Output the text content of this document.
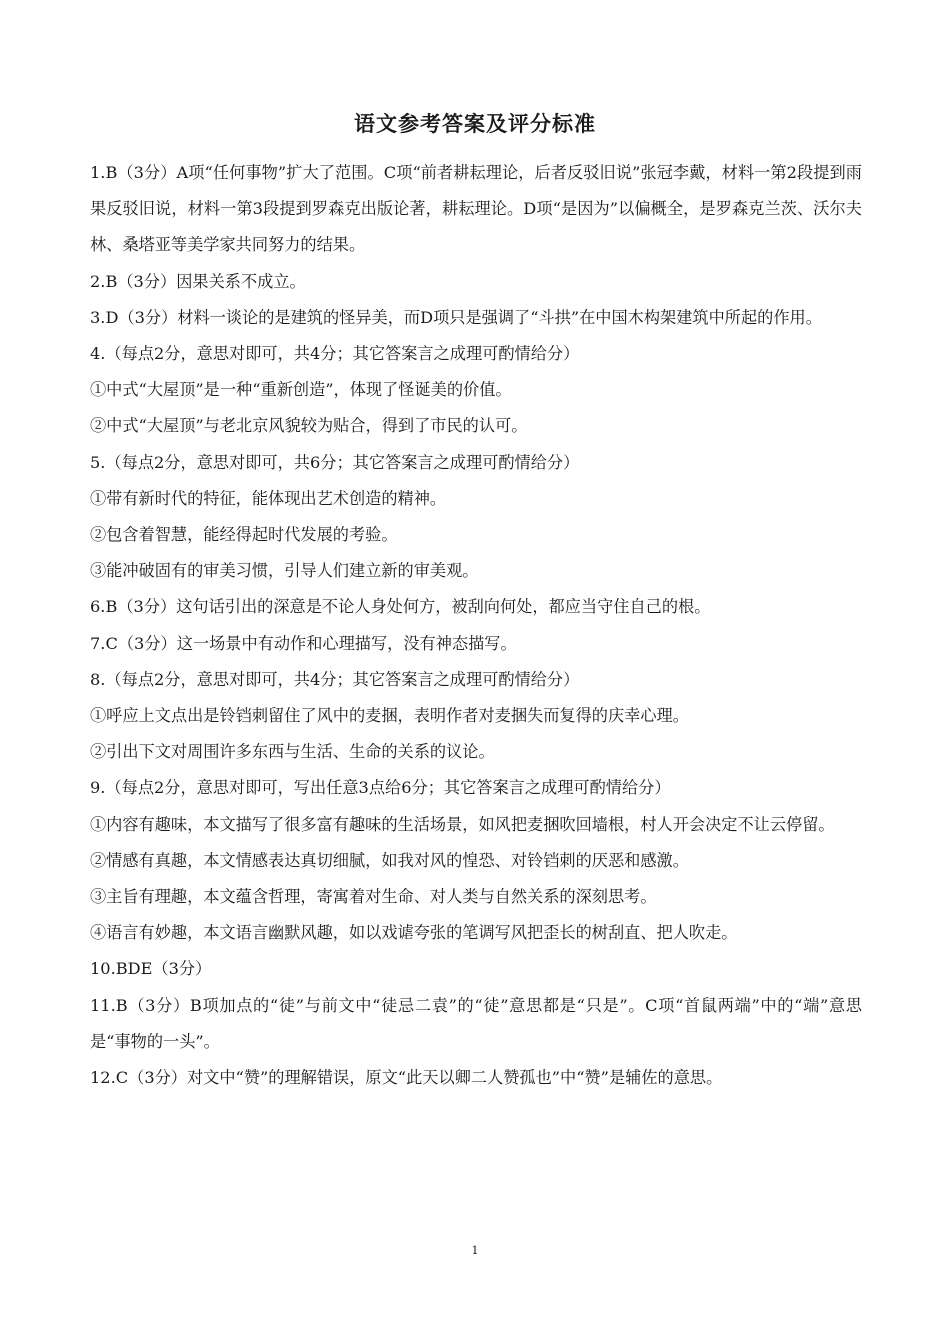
语文参考答案及评分标准

1.B（3分）A项“任何事物”扩大了范围。C项“前者耕耘理论，后者反驳旧说”张冠李戴，材料一第2段提到雨果反驳旧说，材料一第3段提到罗森克出版论著，耕耘理论。D项“是因为”以偏概全，是罗森克兰茨、沃尔夫林、桑塔亚等美学家共同努力的结果。

2.B（3分）因果关系不成立。

3.D（3分）材料一谈论的是建筑的怪异美，而D项只是强调了“斗拱”在中国木构架建筑中所起的作用。

4.（每点2分，意思对即可，共4分；其它答案言之成理可酌情给分）

①中式“大屋顶”是一种“重新创造”，体现了怪诞美的价值。

②中式“大屋顶”与老北京风貌较为贴合，得到了市民的认可。

5.（每点2分，意思对即可，共6分；其它答案言之成理可酌情给分）

①带有新时代的特征，能体现出艺术创造的精神。

②包含着智慧，能经得起时代发展的考验。

③能冲破固有的审美习惯，引导人们建立新的审美观。

6.B（3分）这句话引出的深意是不论人身处何方，被刮向何处，都应当守住自己的根。

7.C（3分）这一场景中有动作和心理描写，没有神态描写。

8.（每点2分，意思对即可，共4分；其它答案言之成理可酌情给分）

①呼应上文点出是铃铛刺留住了风中的麦捆，表明作者对麦捆失而复得的庆幸心理。

②引出下文对周围许多东西与生活、生命的关系的议论。

9.（每点2分，意思对即可，写出任意3点给6分；其它答案言之成理可酌情给分）

①内容有趣味，本文描写了很多富有趣味的生活场景，如风把麦捆吹回墙根，村人开会决定不让云停留。

②情感有真趣，本文情感表达真切细腻，如我对风的惶恐、对铃铛刺的厌恶和感激。

③主旨有理趣，本文蕴含哲理，寄寓着对生命、对人类与自然关系的深刻思考。

④语言有妙趣，本文语言幽默风趣，如以戏谑夸张的笔调写风把歪长的树刮直、把人吹走。

10.BDE（3分）

11.B（3分）B项加点的“徒”与前文中“徒忌二袁”的“徒”意思都是“只是”。C项“首鼠两端”中的“端”意思是“事物的一头”。

12.C（3分）对文中“赞”的理解错误，原文“此天以卿二人赞孤也”中“赞”是辅佐的意思。

1
